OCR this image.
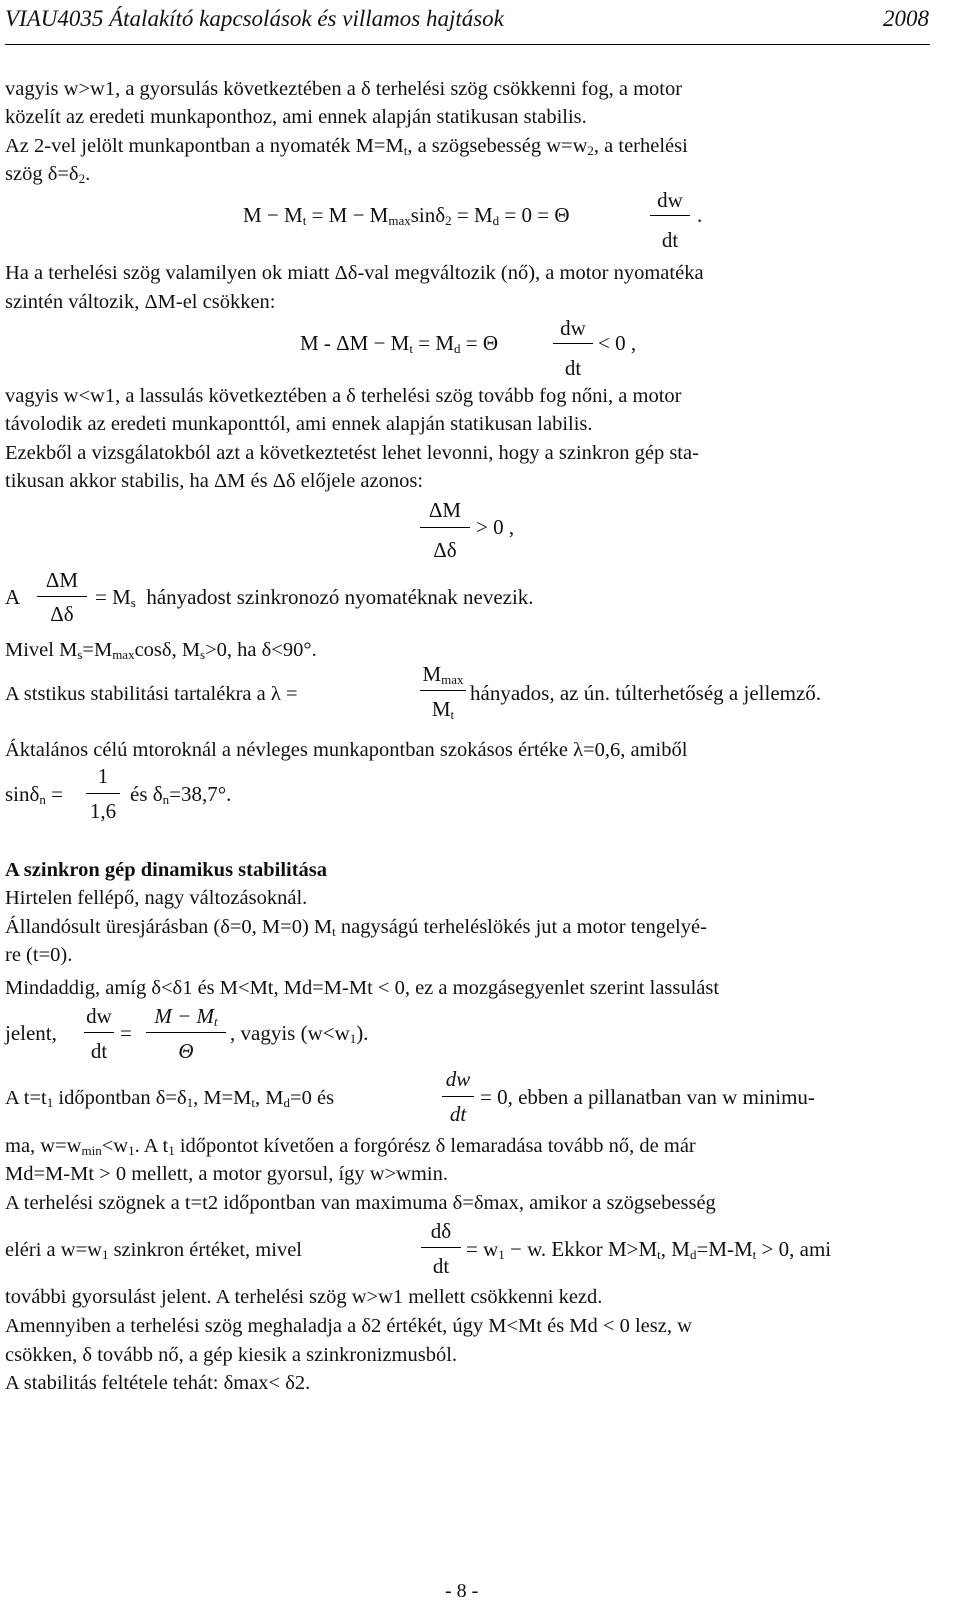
VIAU4035 Átalakító kapcsolások és villamos hajtások	2008
vagyis w>w1, a gyorsulás következtében a δ terhelési szög csökkenni fog, a motor
közelít az eredeti munkaponthoz, ami ennek alapján statikusan stabilis.
Az 2-vel jelölt munkapontban a nyomaték $M=M_t$, a szögsebesség $w=w_2$, a terhelési
szög $\delta=\delta_2$.
$M - M_t = M - M_{max}\sin\delta_2 = M_d = 0 = \Theta$
dw
dt
.
Ha a terhelési szög valamilyen ok miatt Δδ-val megváltozik (nő), a motor nyomatéka
szintén változik, ΔM-el csökken:
$M - \Delta M - M_t = M_d = \Theta$
dw
dt
< 0 ,
vagyis w<w1, a lassulás következtében a δ terhelési szög tovább fog nőni, a motor
távolodik az eredeti munkaponttól, ami ennek alapján statikusan labilis.
Ezekből a vizsgálatokból azt a következtetést lehet levonni, hogy a szinkron gép sta-
tikusan akkor stabilis, ha ΔM és Δδ előjele azonos:
ΔM
Δδ
> 0 ,
A
ΔM
Δδ
= $M_s$ hányadost szinkronozó nyomatéknak nevezik.
Mivel $M_s=M_{max}\cos\delta$, $M_s>0$, ha δ<90°.
A ststikus stabilitási tartalékra a λ =
$M_{max}$
$M_t$
hányados, az ún. túlterhetőség a jellemző.
Áktalános célú mtoroknál a névleges munkapontban szokásos értéke λ=0,6, amiből
sinδ$_n$ =
1
1,6
és $\delta_n=38,7^\circ$.
A szinkron gép dinamikus stabilitása
Hirtelen fellépő, nagy változásoknál.
Állandósult üresjárásban (δ=0, M=0) $M_t$ nagyságú terheléslökés jut a motor tengelyé-
re (t=0).
Mindaddig, amíg δ<δ1 és M<Mt, Md=M-Mt < 0, ez a mozgásegyenlet szerint lassulást
jelent,
dw
dt
=
$M - M_t$
Θ
, vagyis $(w<w_1)$.
A $t=t_1$ időpontban $\delta=\delta_1$, $M=M_t$, $M_d=0$ és
dw
dt
= 0, ebben a pillanatban van w minimu-
ma, $w=w_{min}<w_1$. A $t_1$ időpontot kívetően a forgórész δ lemaradása tovább nő, de már
Md=M-Mt > 0 mellett, a motor gyorsul, így w>wmin.
A terhelési szögnek a t=t2 időpontban van maximuma δ=δmax, amikor a szögsebesség
eléri a $w=w_1$ szinkron értéket, mivel
dδ
dt
= $w_1 - w$. Ekkor $M>M_t$, $M_d=M-M_t > 0$, ami
további gyorsulást jelent. A terhelési szög w>w1 mellett csökkenni kezd.
Amennyiben a terhelési szög meghaladja a δ2 értékét, úgy M<Mt és Md < 0 lesz, w
csökken, δ tovább nő, a gép kiesik a szinkronizmusból.
A stabilitás feltétele tehát: δmax< δ2.
- 8 -
